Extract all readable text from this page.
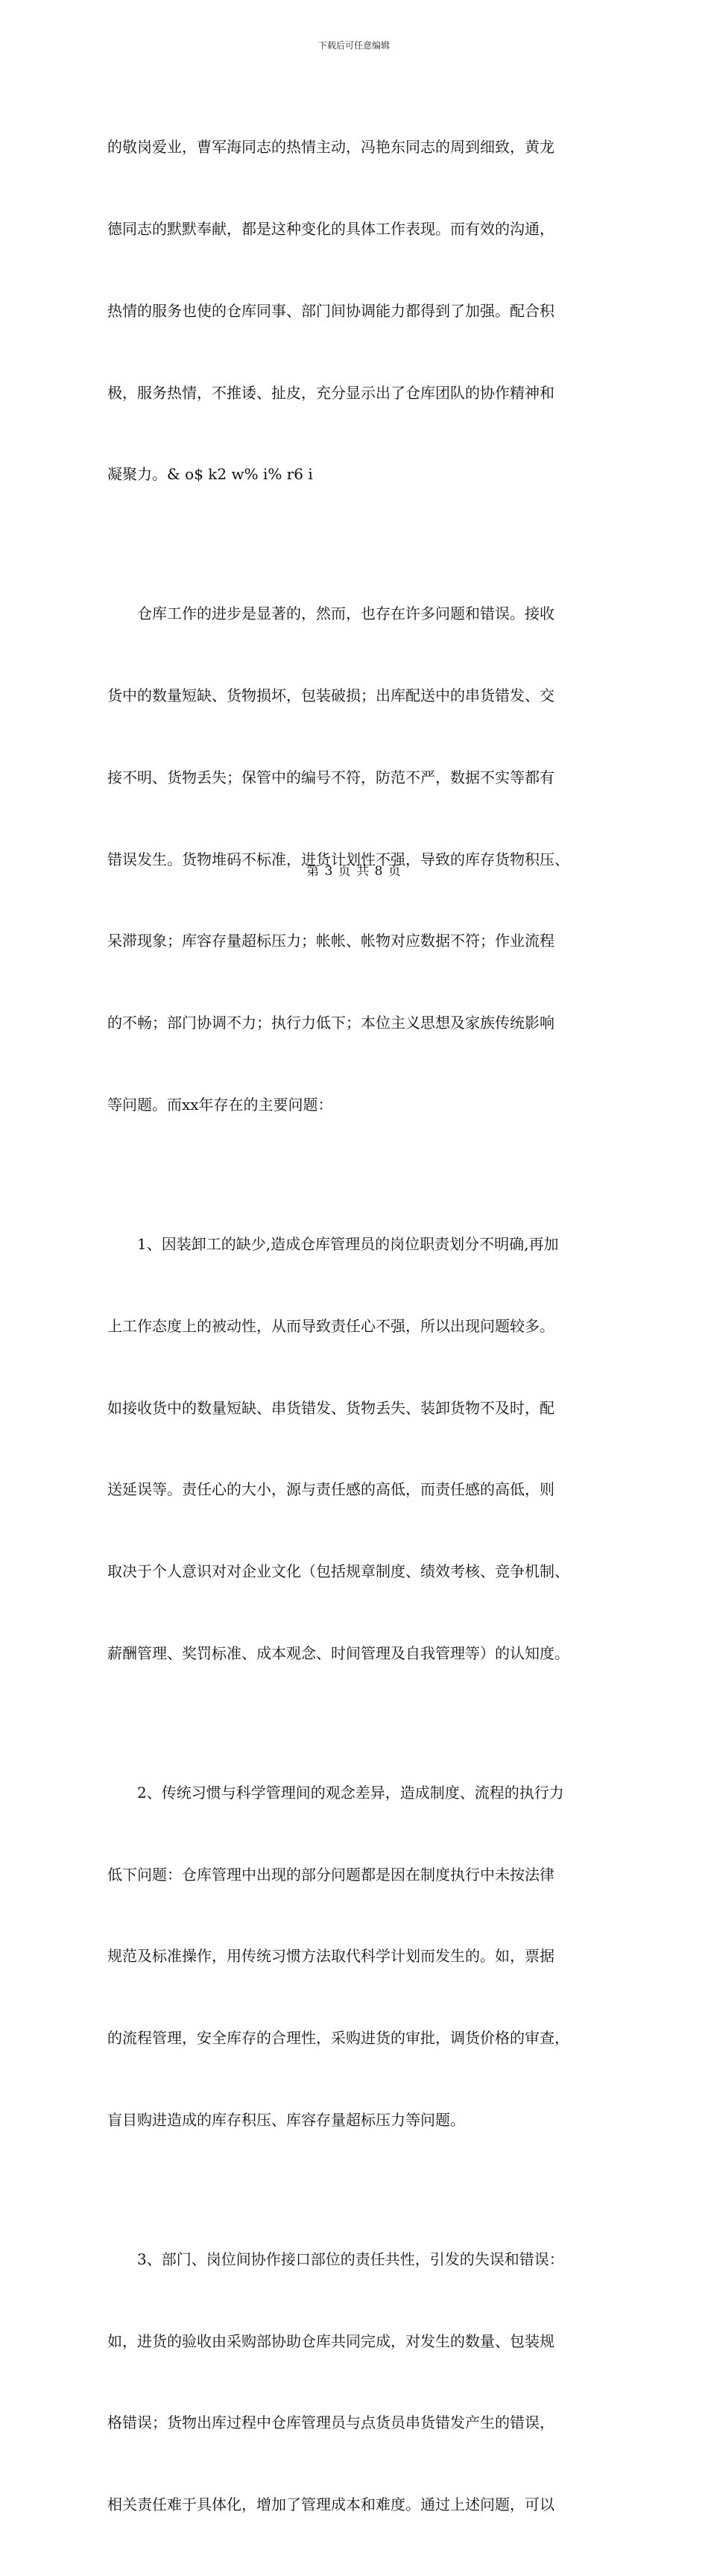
下载后可任意编辑

的敬岗爱业，曹军海同志的热情主动，冯艳东同志的周到细致，黄龙

德同志的默默奉献，都是这种变化的具体工作表现。而有效的沟通，

热情的服务也使的仓库同事、部门间协调能力都得到了加强。配合积

极，服务热情，不推诿、扯皮，充分显示出了仓库团队的协作精神和

凝聚力。& o$ k2 w% i% r6 i

　　仓库工作的进步是显著的，然而，也存在许多问题和错误。接收

货中的数量短缺、货物损坏，包装破损；出库配送中的串货错发、交

接不明、货物丢失；保管中的编号不符，防范不严，数据不实等都有

错误发生。货物堆码不标准，进货计划性不强，导致的库存货物积压、

呆滞现象；库容存量超标压力；帐帐、帐物对应数据不符；作业流程

的不畅；部门协调不力；执行力低下；本位主义思想及家族传统影响

等问题。而xx年存在的主要问题：

　　1、因装卸工的缺少,造成仓库管理员的岗位职责划分不明确,再加

上工作态度上的被动性，从而导致责任心不强，所以出现问题较多。

如接收货中的数量短缺、串货错发、货物丢失、装卸货物不及时，配

送延误等。责任心的大小，源与责任感的高低，而责任感的高低，则

取决于个人意识对对企业文化（包括规章制度、绩效考核、竞争机制、

薪酬管理、奖罚标准、成本观念、时间管理及自我管理等）的认知度。

　　2、传统习惯与科学管理间的观念差异，造成制度、流程的执行力

低下问题：仓库管理中出现的部分问题都是因在制度执行中未按法律

规范及标准操作，用传统习惯方法取代科学计划而发生的。如，票据

的流程管理，安全库存的合理性，采购进货的审批，调货价格的审查，

盲目购进造成的库存积压、库容存量超标压力等问题。

　　3、部门、岗位间协作接口部位的责任共性，引发的失误和错误：

如，进货的验收由采购部协助仓库共同完成，对发生的数量、包装规

格错误；货物出库过程中仓库管理员与点货员串货错发产生的错误，

相关责任难于具体化，增加了管理成本和难度。通过上述问题，可以

第 3 页 共 8 页
